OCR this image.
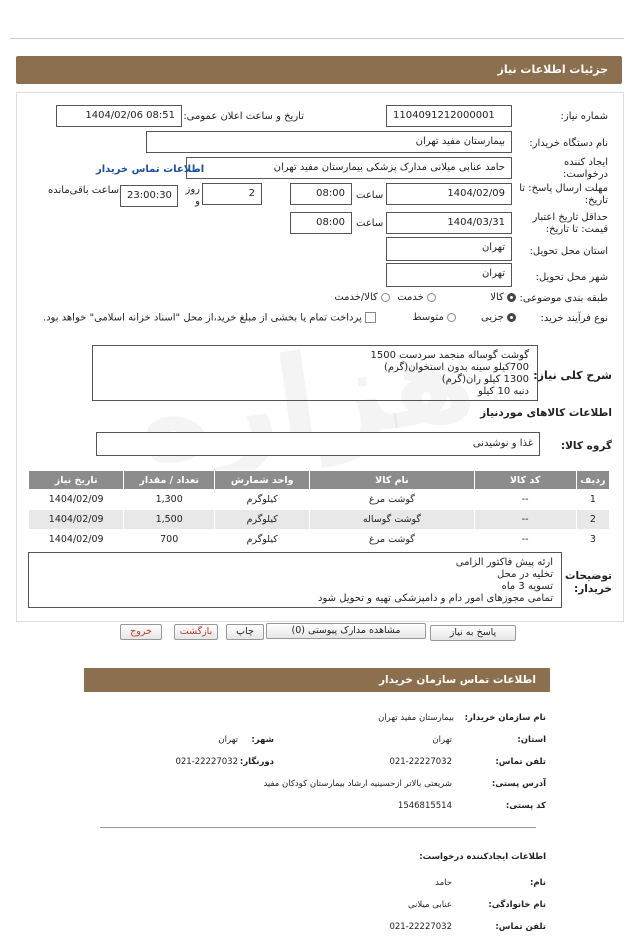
جزئیات اطلاعات نیاز
شماره نیاز:
1104091212000001
تاریخ و ساعت اعلان عمومی:
1404/02/06 08:51
نام دستگاه خریدار:
بیمارستان مفید تهران
ایجاد کننده درخواست:
حامد عنابی میلانی مدارک پزشکی بیمارستان مفید تهران
اطلاعات تماس خریدار
مهلت ارسال پاسخ: تا تاریخ:
1404/02/09
ساعت
08:00
2
روز و
23:00:30
ساعت باقی‌مانده
حداقل تاریخ اعتبار قیمت: تا تاریخ:
1404/03/31
ساعت
08:00
استان محل تحویل:
تهران
شهر محل تحویل:
تهران
طبقه بندی موضوعی:
کالا
خدمت
کالا/خدمت
نوع فرآیند خرید:
جزیی
متوسط
پرداخت تمام یا بخشی از مبلغ خرید،از محل "اسناد خزانه اسلامی" خواهد بود.
شرح کلی نیاز:
گوشت گوساله منجمد سردست 1500
700کیلو سینه بدون استخوان(گرم)
1300 کیلو ران(گرم)
دنبه 10 کیلو
اطلاعات کالاهای موردنیاز
گروه کالا:
غذا و نوشیدنی
ردیف	کد کالا	نام کالا	واحد شمارش	تعداد / مقدار	تاریخ نیاز
1	--	گوشت مرغ	کیلوگرم	1,300	1404/02/09
2	--	گوشت گوساله	کیلوگرم	1,500	1404/02/09
3	--	گوشت مرغ	کیلوگرم	700	1404/02/09
توضیحات خریدار:
ارئه پیش فاکتور الزامی
تخلیه در محل
تسویه 3 ماه
تمامی مجوزهای امور دام و دامپزشکی تهیه و تحویل شود
پاسخ به نیاز
مشاهده مدارک پیوستی (0)
چاپ
بازگشت
خروج
اطلاعات تماس سازمان خریدار
نام سازمان خریدار:
بیمارستان مفید تهران
استان:
تهران
شهر:
تهران
تلفن تماس:
021-22227032
دورنگار:
021-22227032
آدرس پستی:
شریعتی بالاتر ازحسینیه ارشاد بیمارستان کودکان مفید
کد پستی:
1546815514
اطلاعات ایجادکننده درخواست:
نام:
حامد
نام خانوادگی:
عنابی میلانی
تلفن تماس:
021-22227032
